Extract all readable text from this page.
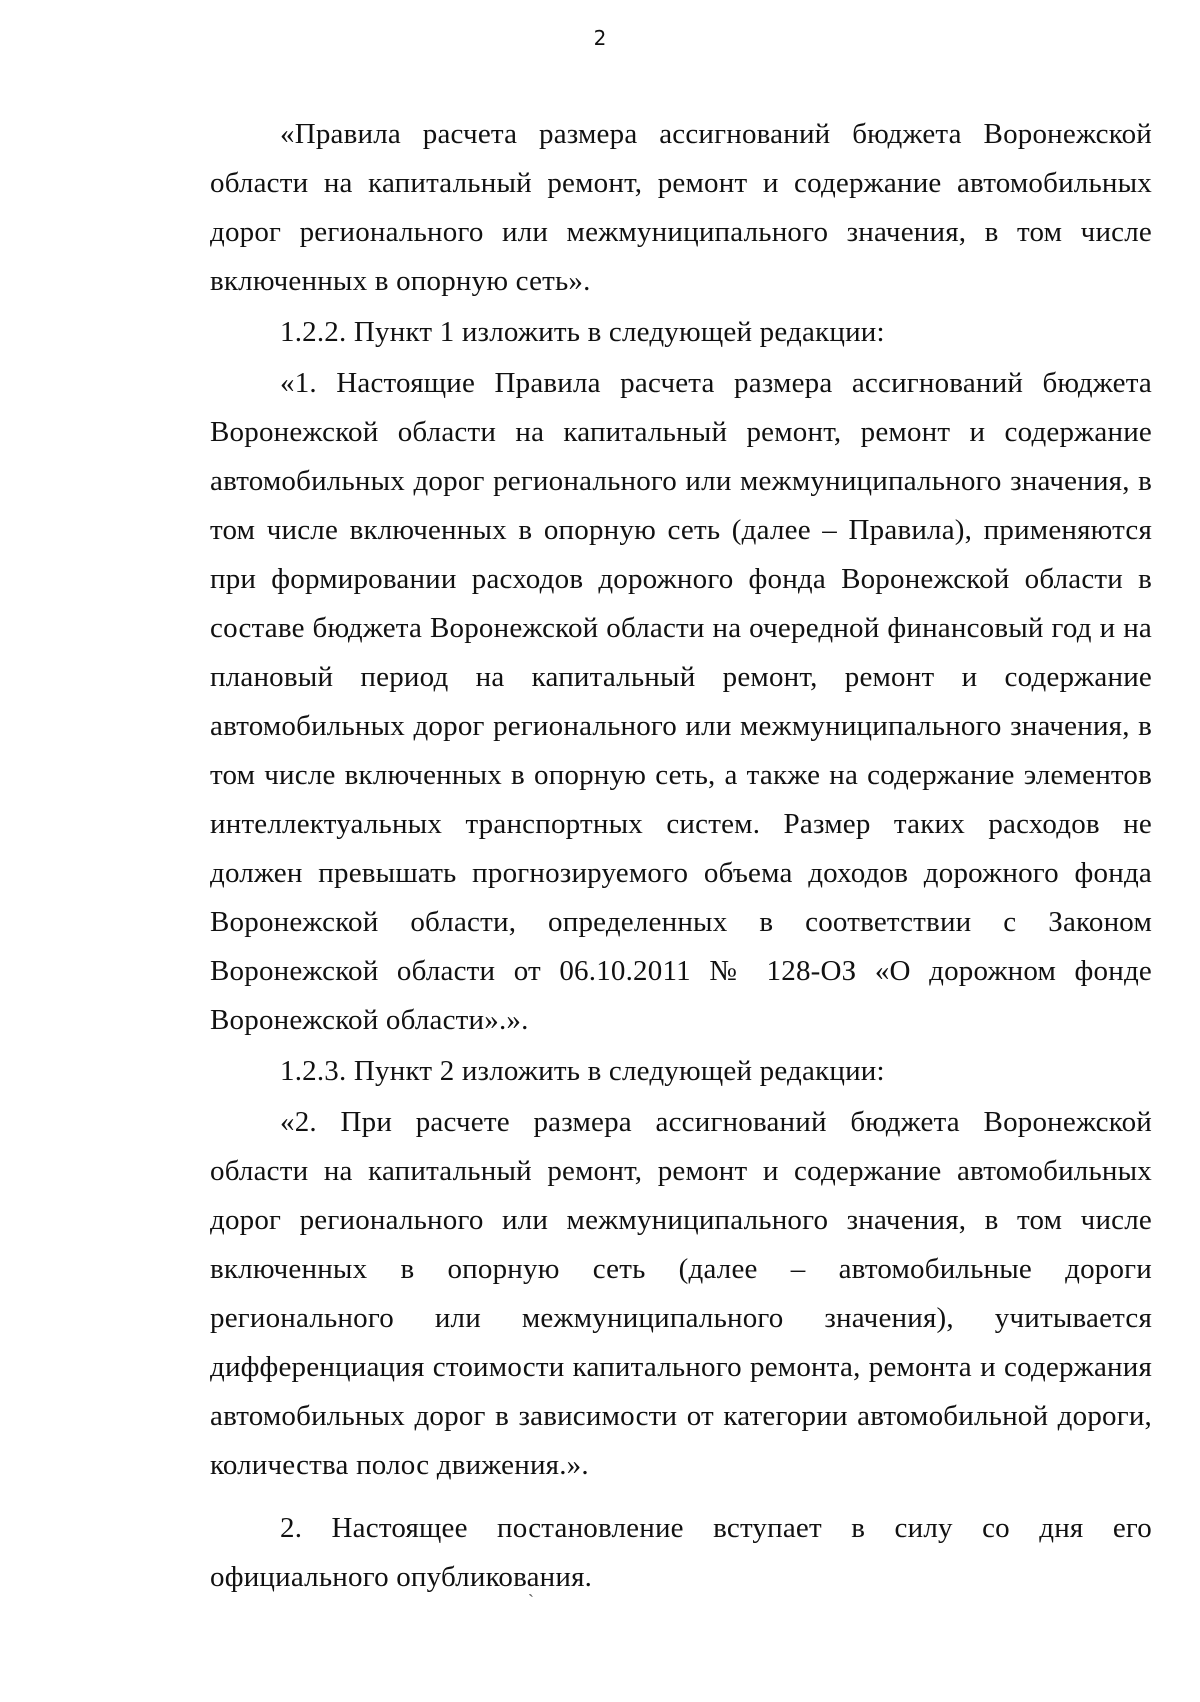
2

«Правила расчета размера ассигнований бюджета Воронежской области на капитальный ремонт, ремонт и содержание автомобильных дорог регионального или межмуниципального значения, в том числе включенных в опорную сеть».

1.2.2. Пункт 1 изложить в следующей редакции:

«1. Настоящие Правила расчета размера ассигнований бюджета Воронежской области на капитальный ремонт, ремонт и содержание автомобильных дорог регионального или межмуниципального значения, в том числе включенных в опорную сеть (далее – Правила), применяются при формировании расходов дорожного фонда Воронежской области в составе бюджета Воронежской области на очередной финансовый год и на плановый период на капитальный ремонт, ремонт и содержание автомобильных дорог регионального или межмуниципального значения, в том числе включенных в опорную сеть, а также на содержание элементов интеллектуальных транспортных систем. Размер таких расходов не должен превышать прогнозируемого объема доходов дорожного фонда Воронежской области, определенных в соответствии с Законом Воронежской области от 06.10.2011 № 128-ОЗ «О дорожном фонде Воронежской области».».

1.2.3. Пункт 2 изложить в следующей редакции:

«2. При расчете размера ассигнований бюджета Воронежской области на капитальный ремонт, ремонт и содержание автомобильных дорог регионального или межмуниципального значения, в том числе включенных в опорную сеть (далее – автомобильные дороги регионального или межмуниципального значения), учитывается дифференциация стоимости капитального ремонта, ремонта и содержания автомобильных дорог в зависимости от категории автомобильной дороги, количества полос движения.».

2. Настоящее постановление вступает в силу со дня его официального опубликования.

ˋ
